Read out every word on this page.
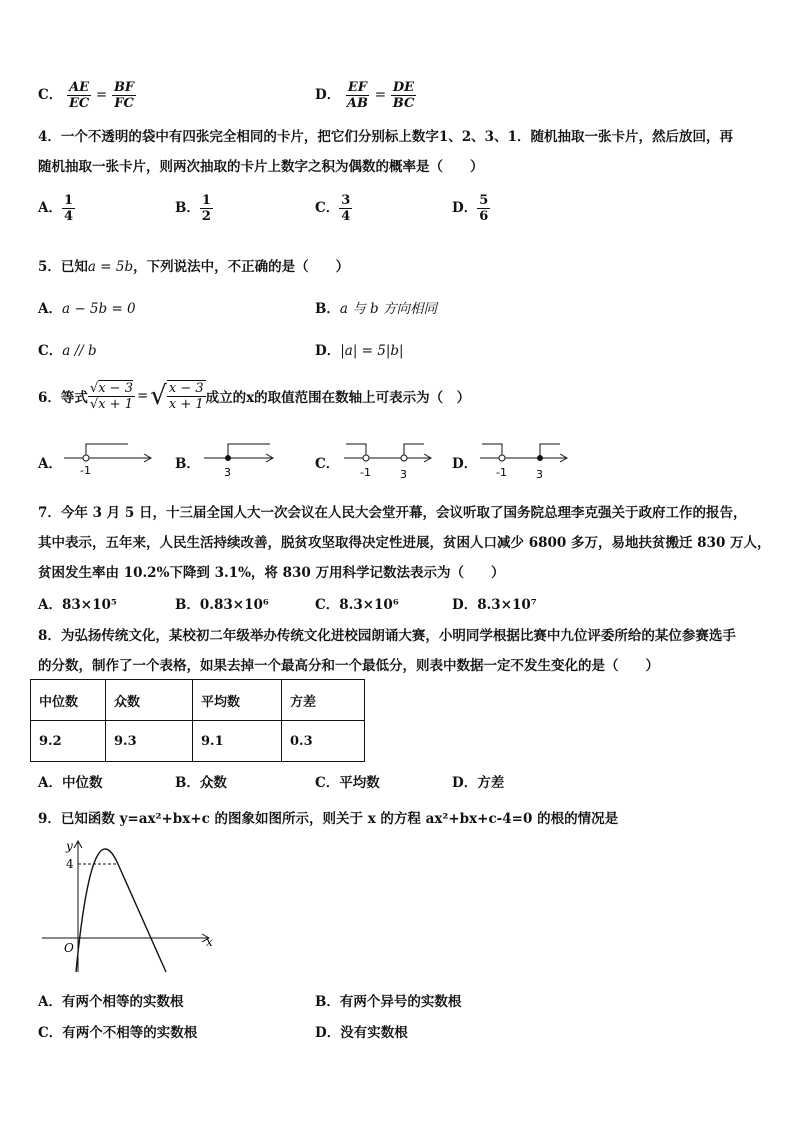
C． $\frac{AE}{EC} = \frac{BF}{FC}$	D． $\frac{EF}{AB} = \frac{DE}{BC}$
4．一个不透明的袋中有四张完全相同的卡片，把它们分别标上数字1、2、3、1．随机抽取一张卡片，然后放回，再
随机抽取一张卡片，则两次抽取的卡片上数字之积为偶数的概率是（　　）
A． $\frac{1}{4}$	B． $\frac{1}{2}$	C． $\frac{3}{4}$	D． $\frac{5}{6}$
5．已知a = 5b，下列说法中，不正确的是（　　）
A．a − 5b = 0	B．a 与 b 方向相同
C．a // b	D．|a| = 5|b|
6．等式 $\frac{√x - 3}{√x + 1}$ = √ $\frac{x - 3}{x + 1}$ 成立的x的取值范围在数轴上可表示为（　）
A． -1	B．
3
C．
-1	3
D．
-1	3
7．今年 3 月 5 日，十三届全国人大一次会议在人民大会堂开幕，会议听取了国务院总理李克强关于政府工作的报告，
其中表示，五年来，人民生活持续改善，脱贫攻坚取得决定性进展，贫困人口减少 6800 多万，易地扶贫搬迁 830 万人，
贫困发生率由 10.2%下降到 3.1%，将 830 万用科学记数法表示为（　　）
A．83×10⁵	B．0.83×10⁶	C．8.3×10⁶	D．8.3×10⁷
8．为弘扬传统文化，某校初二年级举办传统文化进校园朗诵大赛，小明同学根据比赛中九位评委所给的某位参赛选手
的分数，制作了一个表格，如果去掉一个最高分和一个最低分，则表中数据一定不发生变化的是（　　）
中位数	众数	平均数	方差
9.2	9.3	9.1	0.3
A．中位数	B．众数	C．平均数	D．方差
9．已知函数 y=ax²+bx+c 的图象如图所示，则关于 x 的方程 ax²+bx+c-4=0 的根的情况是
y
x
O
4
A．有两个相等的实数根	B．有两个异号的实数根
C．有两个不相等的实数根	D．没有实数根
